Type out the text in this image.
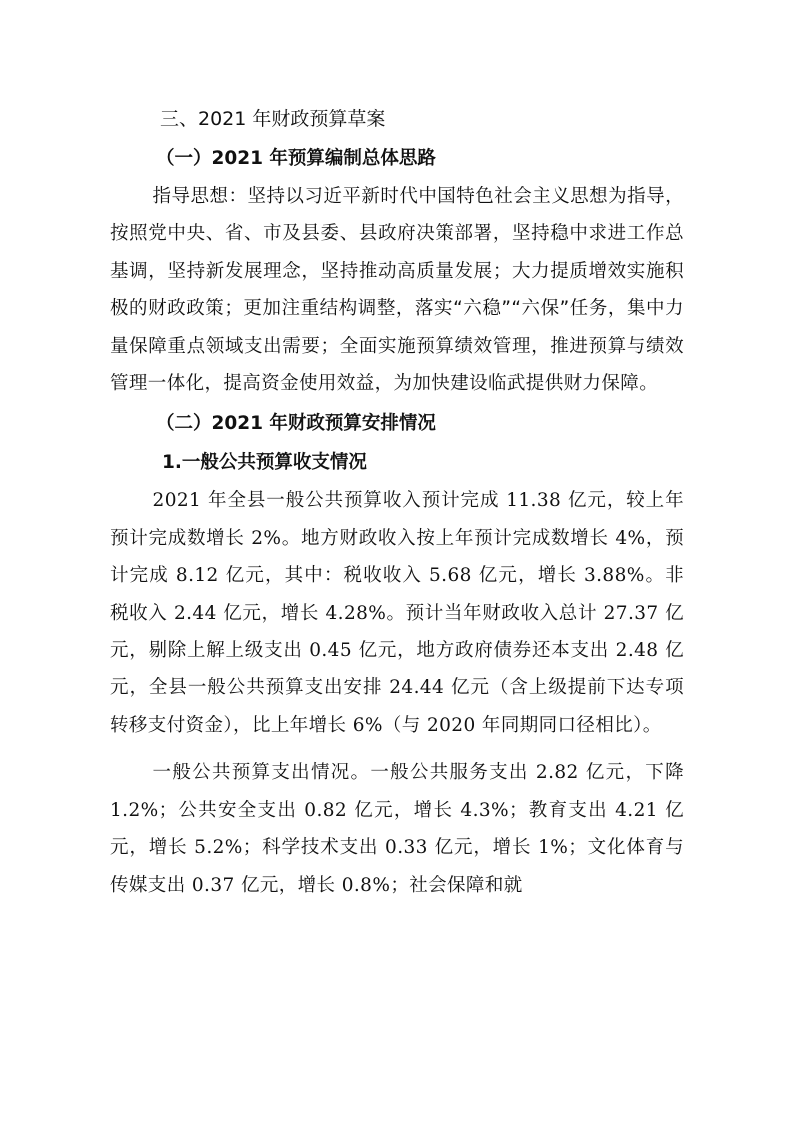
三、2021 年财政预算草案
（一）2021 年预算编制总体思路

指导思想：坚持以习近平新时代中国特色社会主义思想为指导，按照党中央、省、市及县委、县政府决策部署，坚持稳中求进工作总基调，坚持新发展理念，坚持推动高质量发展；大力提质增效实施积极的财政政策；更加注重结构调整，落实“六稳”“六保”任务，集中力量保障重点领域支出需要；全面实施预算绩效管理，推进预算与绩效管理一体化，提高资金使用效益，为加快建设临武提供财力保障。

（二）2021 年财政预算安排情况
1.一般公共预算收支情况

2021 年全县一般公共预算收入预计完成 11.38 亿元，较上年预计完成数增长 2%。地方财政收入按上年预计完成数增长 4%，预计完成 8.12 亿元，其中：税收收入 5.68 亿元，增长 3.88%。非税收入 2.44 亿元，增长 4.28%。预计当年财政收入总计 27.37 亿元，剔除上解上级支出 0.45 亿元，地方政府债券还本支出 2.48 亿元，全县一般公共预算支出安排 24.44 亿元（含上级提前下达专项转移支付资金），比上年增长 6%（与 2020 年同期同口径相比）。

一般公共预算支出情况。一般公共服务支出 2.82 亿元，下降 1.2%；公共安全支出 0.82 亿元，增长 4.3%；教育支出 4.21 亿元，增长 5.2%；科学技术支出 0.33 亿元，增长 1%；文化体育与传媒支出 0.37 亿元，增长 0.8%；社会保障和就
